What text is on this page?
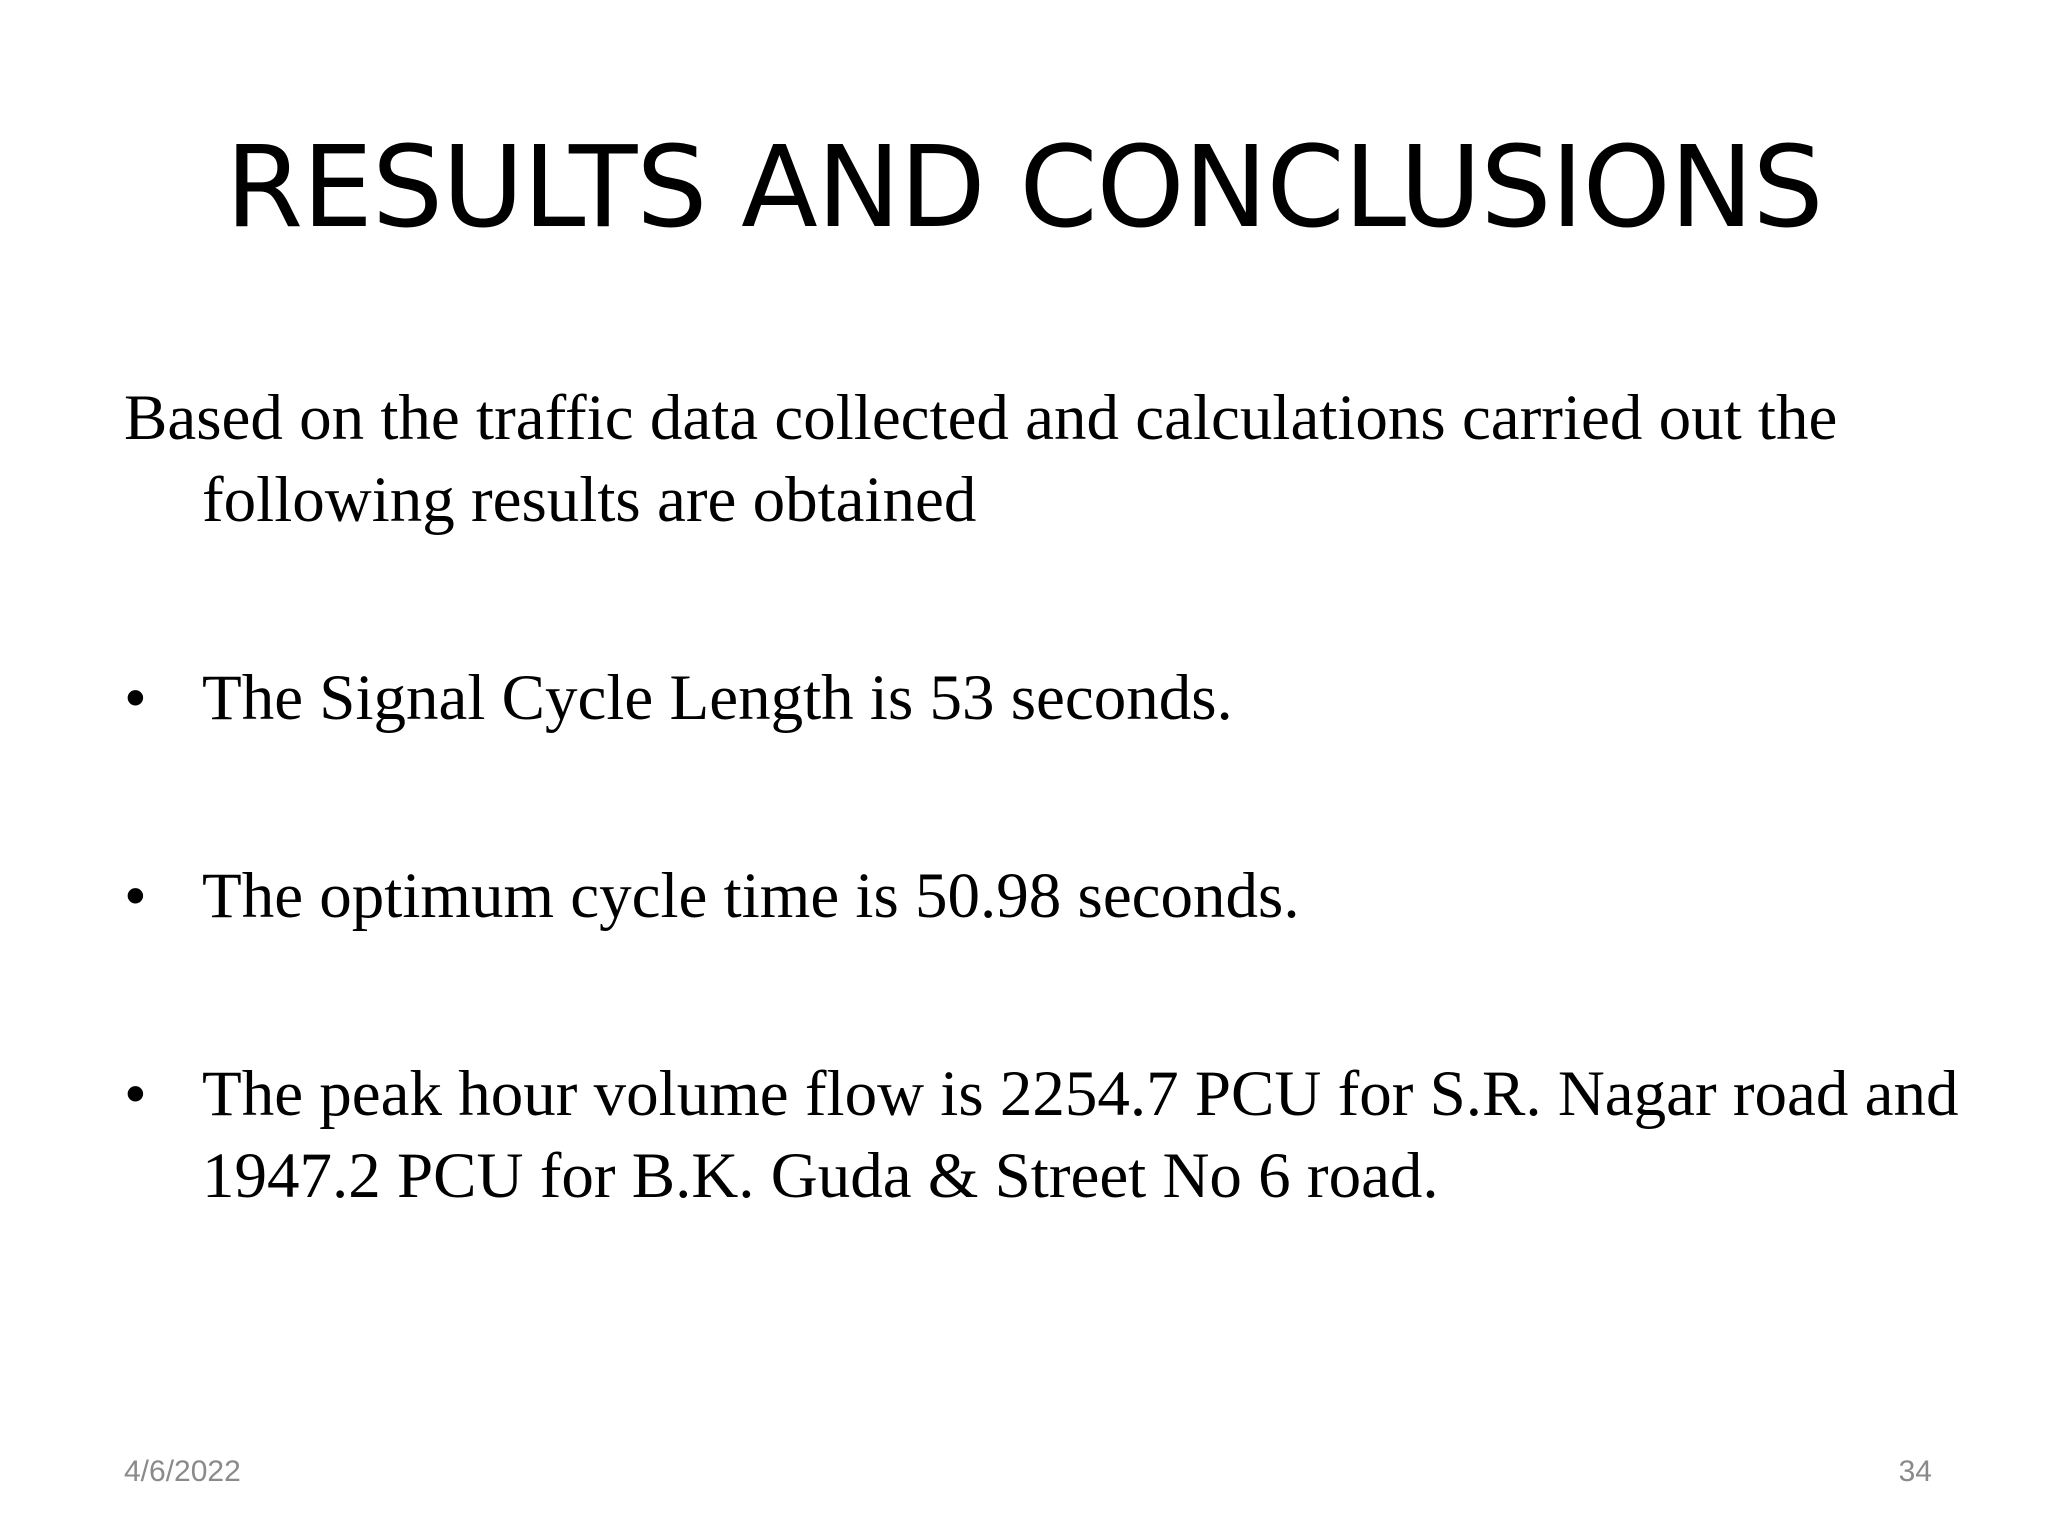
RESULTS AND CONCLUSIONS

Based on the traffic data collected and calculations carried out the following results are obtained

• The Signal Cycle Length is 53 seconds.

• The optimum cycle time is 50.98 seconds.

• The peak hour volume flow is 2254.7 PCU for S.R. Nagar road and 1947.2 PCU for B.K. Guda & Street No 6 road.

4/6/2022	34
